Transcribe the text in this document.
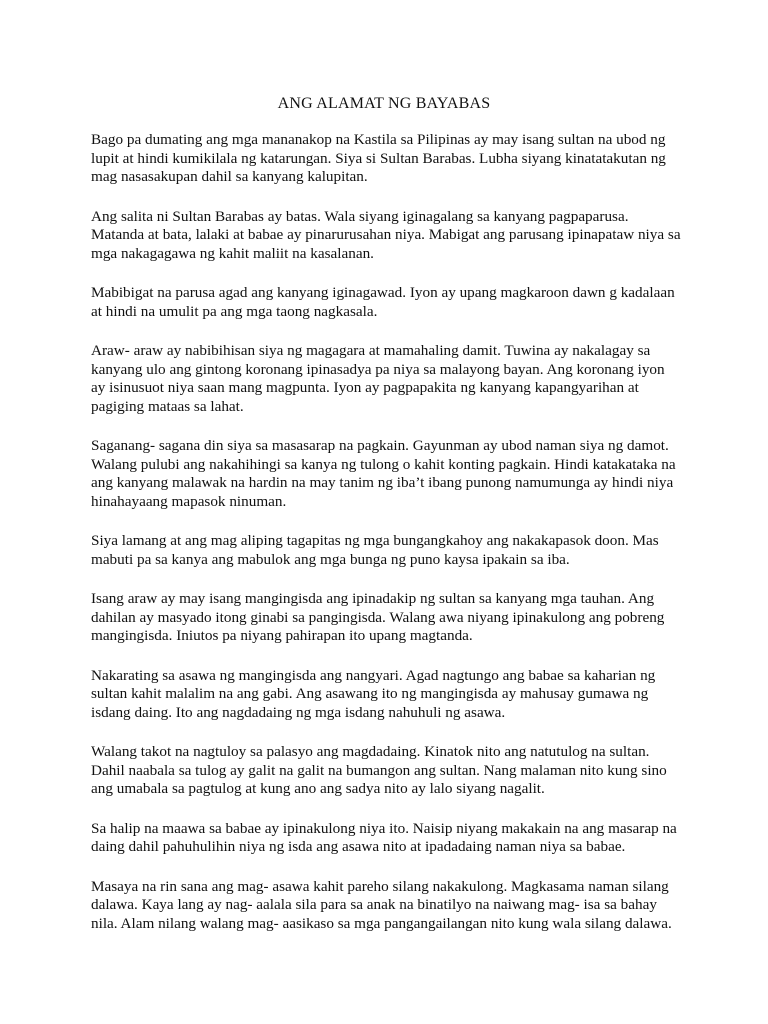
ANG ALAMAT NG BAYABAS

Bago pa dumating ang mga mananakop na Kastila sa Pilipinas ay may isang sultan na ubod ng
lupit at hindi kumikilala ng katarungan. Siya si Sultan Barabas. Lubha siyang kinatatakutan ng
mag nasasakupan dahil sa kanyang kalupitan.

Ang salita ni Sultan Barabas ay batas. Wala siyang iginagalang sa kanyang pagpaparusa.
Matanda at bata, lalaki at babae ay pinarurusahan niya. Mabigat ang parusang ipinapataw niya sa
mga nakagagawa ng kahit maliit na kasalanan.

Mabibigat na parusa agad ang kanyang iginagawad. Iyon ay upang magkaroon dawn g kadalaan
at hindi na umulit pa ang mga taong nagkasala.

Araw- araw ay nabibihisan siya ng magagara at mamahaling damit. Tuwina ay nakalagay sa
kanyang ulo ang gintong koronang ipinasadya pa niya sa malayong bayan. Ang koronang iyon
ay isinusuot niya saan mang magpunta. Iyon ay pagpapakita ng kanyang kapangyarihan at
pagiging mataas sa lahat.

Saganang- sagana din siya sa masasarap na pagkain. Gayunman ay ubod naman siya ng damot.
Walang pulubi ang nakahihingi sa kanya ng tulong o kahit konting pagkain. Hindi katakataka na
ang kanyang malawak na hardin na may tanim ng iba’t ibang punong namumunga ay hindi niya
hinahayaang mapasok ninuman.

Siya lamang at ang mag aliping tagapitas ng mga bungangkahoy ang nakakapasok doon. Mas
mabuti pa sa kanya ang mabulok ang mga bunga ng puno kaysa ipakain sa iba.

Isang araw ay may isang mangingisda ang ipinadakip ng sultan sa kanyang mga tauhan. Ang
dahilan ay masyado itong ginabi sa pangingisda. Walang awa niyang ipinakulong ang pobreng
mangingisda. Iniutos pa niyang pahirapan ito upang magtanda.

Nakarating sa asawa ng mangingisda ang nangyari. Agad nagtungo ang babae sa kaharian ng
sultan kahit malalim na ang gabi. Ang asawang ito ng mangingisda ay mahusay gumawa ng
isdang daing. Ito ang nagdadaing ng mga isdang nahuhuli ng asawa.

Walang takot na nagtuloy sa palasyo ang magdadaing. Kinatok nito ang natutulog na sultan.
Dahil naabala sa tulog ay galit na galit na bumangon ang sultan. Nang malaman nito kung sino
ang umabala sa pagtulog at kung ano ang sadya nito ay lalo siyang nagalit.

Sa halip na maawa sa babae ay ipinakulong niya ito. Naisip niyang makakain na ang masarap na
daing dahil pahuhulihin niya ng isda ang asawa nito at ipadadaing naman niya sa babae.

Masaya na rin sana ang mag- asawa kahit pareho silang nakakulong. Magkasama naman silang
dalawa. Kaya lang ay nag- aalala sila para sa anak na binatilyo na naiwang mag- isa sa bahay
nila. Alam nilang walang mag- aasikaso sa mga pangangailangan nito kung wala silang dalawa.
